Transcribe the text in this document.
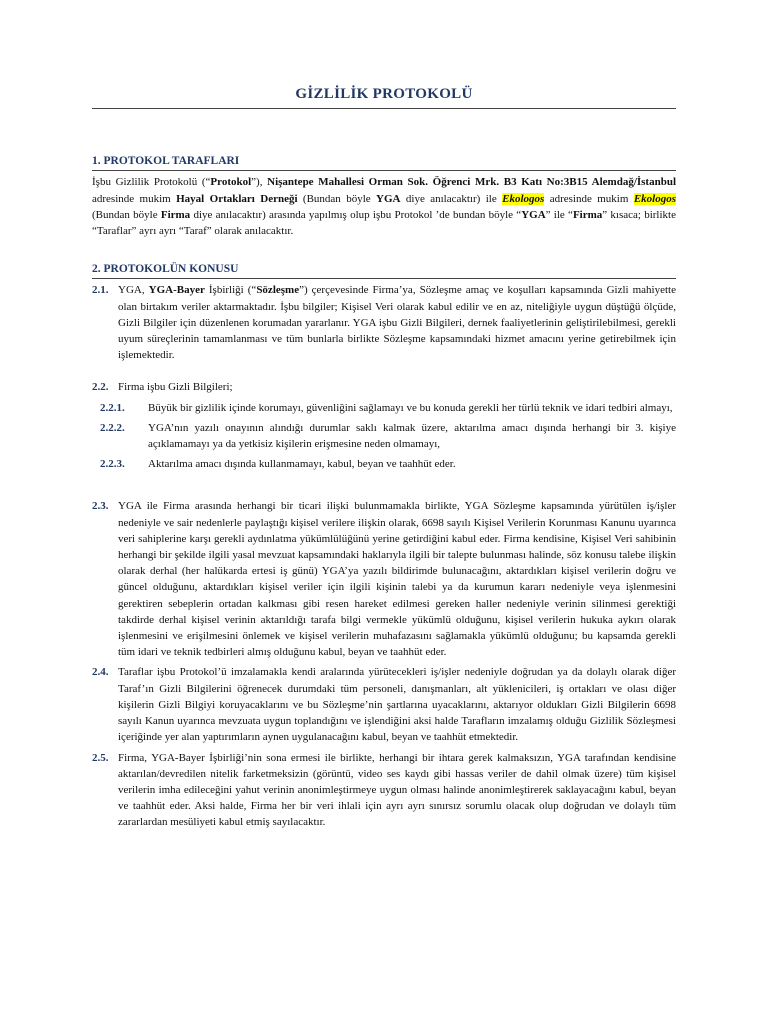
GİZLİLİK PROTOKOLÜ
1. PROTOKOL TARAFLARI

İşbu Gizlilik Protokolü (“Protokol”), Nişantepe Mahallesi Orman Sok. Öğrenci Mrk. B3 Katı No:3B15 Alemdağ/İstanbul adresinde mukim Hayal Ortakları Derneği (Bundan böyle YGA diye anılacaktır) ile Ekologos adresinde mukim Ekologos (Bundan böyle Firma diye anılacaktır) arasında yapılmış olup işbu Protokol ’de bundan böyle “YGA” ile “Firma” kısaca; birlikte “Taraflar” ayrı ayrı “Taraf” olarak anılacaktır.

2. PROTOKOLÜN KONUSU
2.1. YGA, YGA-Bayer İşbirliği (“Sözleşme”) çerçevesinde Firma’ya, Sözleşme amaç ve koşulları kapsamında Gizli mahiyette olan birtakım veriler aktarmaktadır. İşbu bilgiler; Kişisel Veri olarak kabul edilir ve en az, niteliğiyle uygun düştüğü ölçüde, Gizli Bilgiler için düzenlenen korumadan yararlanır. YGA işbu Gizli Bilgileri, dernek faaliyetlerinin geliştirilebilmesi, gerekli uyum süreçlerinin tamamlanması ve tüm bunlarla birlikte Sözleşme kapsamındaki hizmet amacını yerine getirebilmek için işlemektedir.
2.2. Firma işbu Gizli Bilgileri;
2.2.1.	Büyük bir gizlilik içinde korumayı, güvenliğini sağlamayı ve bu konuda gerekli her türlü teknik ve idari tedbiri almayı,
2.2.2.	YGA’nın yazılı onayının alındığı durumlar saklı kalmak üzere, aktarılma amacı dışında herhangi bir 3. kişiye açıklamamayı ya da yetkisiz kişilerin erişmesine neden olmamayı,
2.2.3.	Aktarılma amacı dışında kullanmamayı, kabul, beyan ve taahhüt eder.
2.3. YGA ile Firma arasında herhangi bir ticari ilişki bulunmamakla birlikte, YGA Sözleşme kapsamında yürütülen iş/işler nedeniyle ve sair nedenlerle paylaştığı kişisel verilere ilişkin olarak, 6698 sayılı Kişisel Verilerin Korunması Kanunu uyarınca veri sahiplerine karşı gerekli aydınlatma yükümlülüğünü yerine getirdiğini kabul eder. Firma kendisine, Kişisel Veri sahibinin herhangi bir şekilde ilgili yasal mevzuat kapsamındaki haklarıyla ilgili bir talepte bulunması halinde, söz konusu talebe ilişkin olarak derhal (her halükarda ertesi iş günü) YGA’ya yazılı bildirimde bulunacağını, aktardıkları kişisel verilerin doğru ve güncel olduğunu, aktardıkları kişisel veriler için ilgili kişinin talebi ya da kurumun kararı nedeniyle veya işlenmesini gerektiren sebeplerin ortadan kalkması gibi resen hareket edilmesi gereken haller nedeniyle verinin silinmesi gerektiği takdirde derhal kişisel verinin aktarıldığı tarafa bilgi vermekle yükümlü olduğunu, kişisel verilerin hukuka aykırı olarak işlenmesini ve erişilmesini önlemek ve kişisel verilerin muhafazasını sağlamakla yükümlü olduğunu; bu kapsamda gerekli tüm idari ve teknik tedbirleri almış olduğunu kabul, beyan ve taahhüt eder.
2.4. Taraflar işbu Protokol’ü imzalamakla kendi aralarında yürütecekleri iş/işler nedeniyle doğrudan ya da dolaylı olarak diğer Taraf’ın Gizli Bilgilerini öğrenecek durumdaki tüm personeli, danışmanları, alt yüklenicileri, iş ortakları ve olası diğer kişilerin Gizli Bilgiyi koruyacaklarını ve bu Sözleşme’nin şartlarına uyacaklarını, aktarıyor oldukları Gizli Bilgilerin 6698 sayılı Kanun uyarınca mevzuata uygun toplandığını ve işlendiğini aksi halde Tarafların imzalamış olduğu Gizlilik Sözleşmesi içeriğinde yer alan yaptırımların aynen uygulanacağını kabul, beyan ve taahhüt etmektedir.
2.5. Firma, YGA-Bayer İşbirliği’nin sona ermesi ile birlikte, herhangi bir ihtara gerek kalmaksızın, YGA tarafından kendisine aktarılan/devredilen nitelik farketmeksizin (görüntü, video ses kaydı gibi hassas veriler de dahil olmak üzere) tüm kişisel verilerin imha edileceğini yahut verinin anonimleştirmeye uygun olması halinde anonimleştirerek saklayacağını kabul, beyan ve taahhüt eder. Aksi halde, Firma her bir veri ihlali için ayrı ayrı sınırsız sorumlu olacak olup doğrudan ve dolaylı tüm zararlardan mesüliyeti kabul etmiş sayılacaktır.
